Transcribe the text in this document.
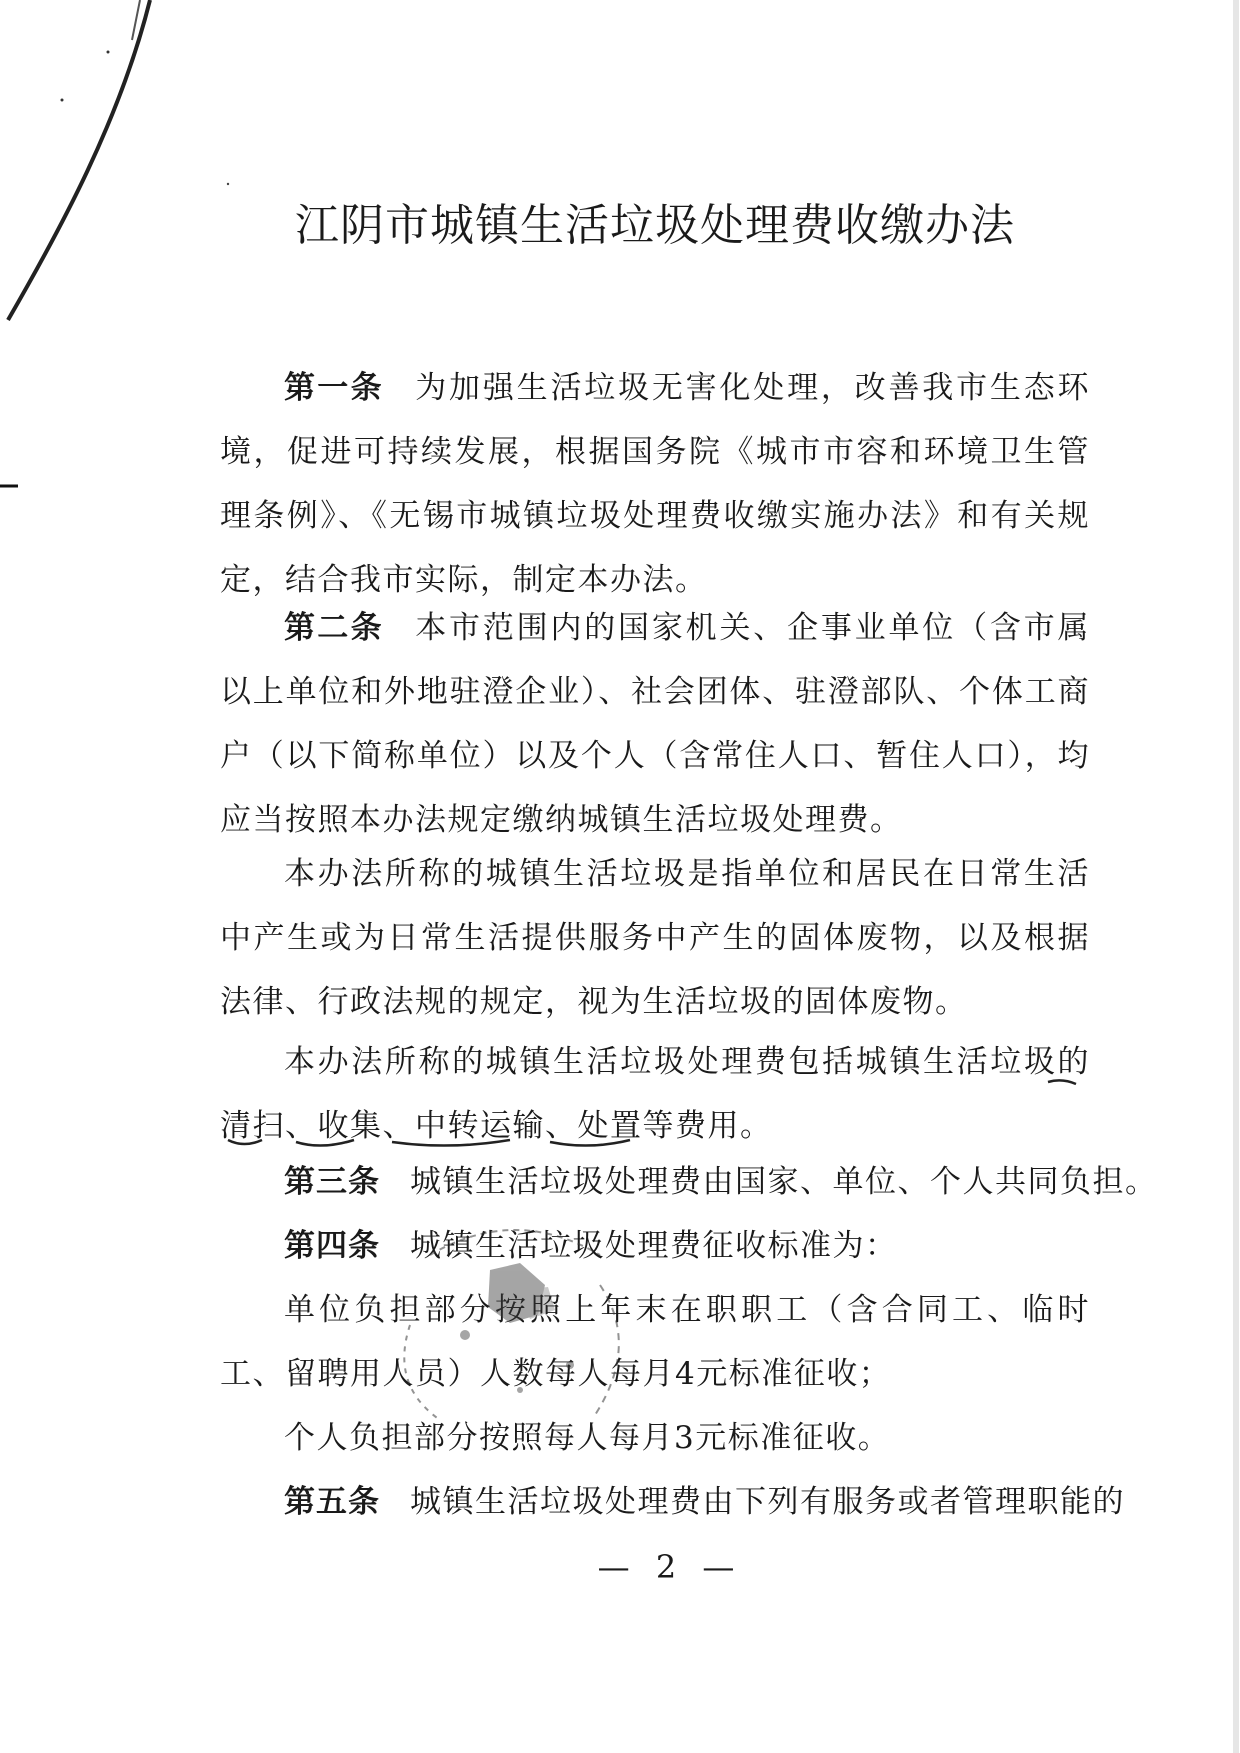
江阴市城镇生活垃圾处理费收缴办法

第一条 为加强生活垃圾无害化处理，改善我市生态环境，促进可持续发展，根据国务院《城市市容和环境卫生管理条例》、《无锡市城镇垃圾处理费收缴实施办法》和有关规定，结合我市实际，制定本办法。

第二条 本市范围内的国家机关、企事业单位（含市属以上单位和外地驻澄企业）、社会团体、驻澄部队、个体工商户（以下简称单位）以及个人（含常住人口、暂住人口），均应当按照本办法规定缴纳城镇生活垃圾处理费。

本办法所称的城镇生活垃圾是指单位和居民在日常生活中产生或为日常生活提供服务中产生的固体废物，以及根据法律、行政法规的规定，视为生活垃圾的固体废物。

本办法所称的城镇生活垃圾处理费包括城镇生活垃圾的清扫、收集、中转运输、处置等费用。

第三条 城镇生活垃圾处理费由国家、单位、个人共同负担。

第四条 城镇生活垃圾处理费征收标准为：

单位负担部分按照上年末在职职工（含合同工、临时工、留聘用人员）人数每人每月4元标准征收；

个人负担部分按照每人每月3元标准征收。

第五条 城镇生活垃圾处理费由下列有服务或者管理职能的

— 2 —
